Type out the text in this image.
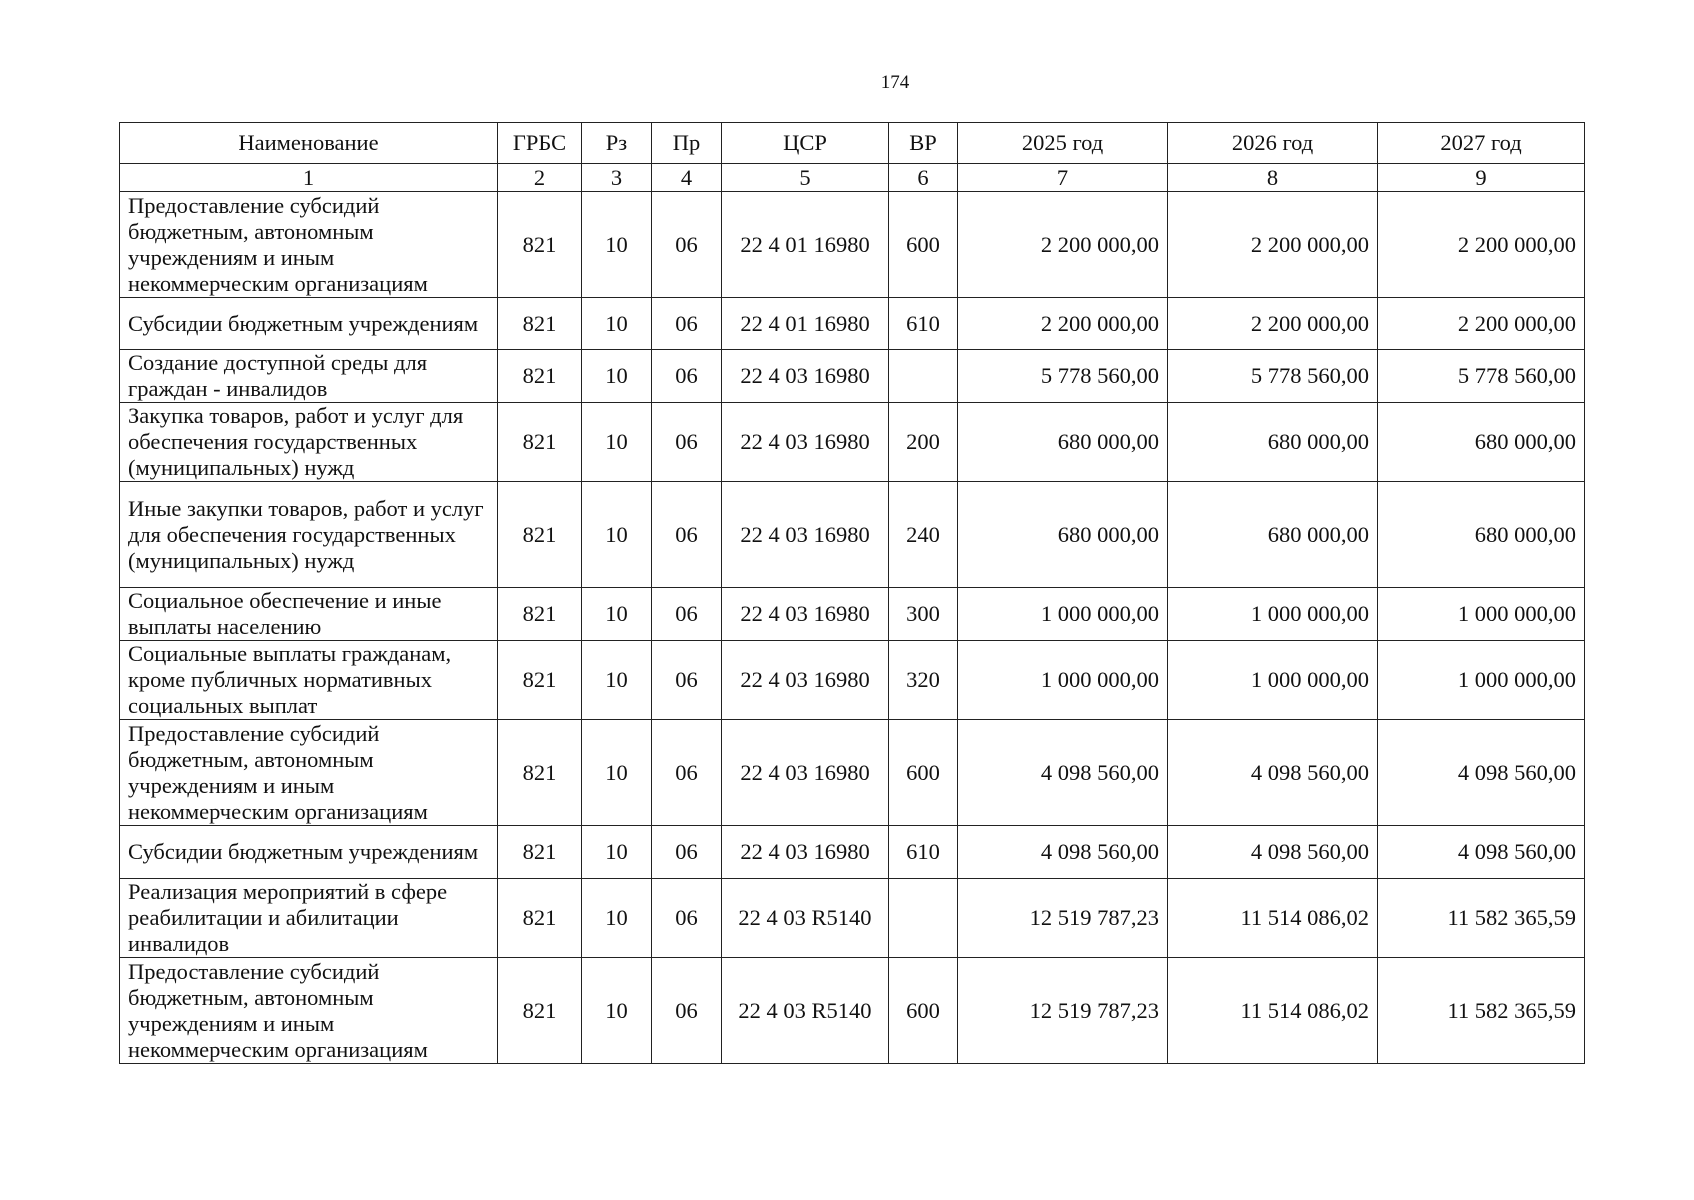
174
Наименование	ГРБС	Рз	Пр	ЦСР	ВР	2025 год	2026 год	2027 год
1	2	3	4	5	6	7	8	9
Предоставление субсидий бюджетным, автономным учреждениям и иным некоммерческим организациям	821	10	06	22 4 01 16980	600	2 200 000,00	2 200 000,00	2 200 000,00
Субсидии бюджетным учреждениям	821	10	06	22 4 01 16980	610	2 200 000,00	2 200 000,00	2 200 000,00
Создание доступной среды для граждан - инвалидов	821	10	06	22 4 03 16980		5 778 560,00	5 778 560,00	5 778 560,00
Закупка товаров, работ и услуг для обеспечения государственных (муниципальных) нужд	821	10	06	22 4 03 16980	200	680 000,00	680 000,00	680 000,00
Иные закупки товаров, работ и услуг для обеспечения государственных (муниципальных) нужд	821	10	06	22 4 03 16980	240	680 000,00	680 000,00	680 000,00
Социальное обеспечение и иные выплаты населению	821	10	06	22 4 03 16980	300	1 000 000,00	1 000 000,00	1 000 000,00
Социальные выплаты гражданам, кроме публичных нормативных социальных выплат	821	10	06	22 4 03 16980	320	1 000 000,00	1 000 000,00	1 000 000,00
Предоставление субсидий бюджетным, автономным учреждениям и иным некоммерческим организациям	821	10	06	22 4 03 16980	600	4 098 560,00	4 098 560,00	4 098 560,00
Субсидии бюджетным учреждениям	821	10	06	22 4 03 16980	610	4 098 560,00	4 098 560,00	4 098 560,00
Реализация мероприятий в сфере реабилитации и абилитации инвалидов	821	10	06	22 4 03 R5140		12 519 787,23	11 514 086,02	11 582 365,59
Предоставление субсидий бюджетным, автономным учреждениям и иным некоммерческим организациям	821	10	06	22 4 03 R5140	600	12 519 787,23	11 514 086,02	11 582 365,59
